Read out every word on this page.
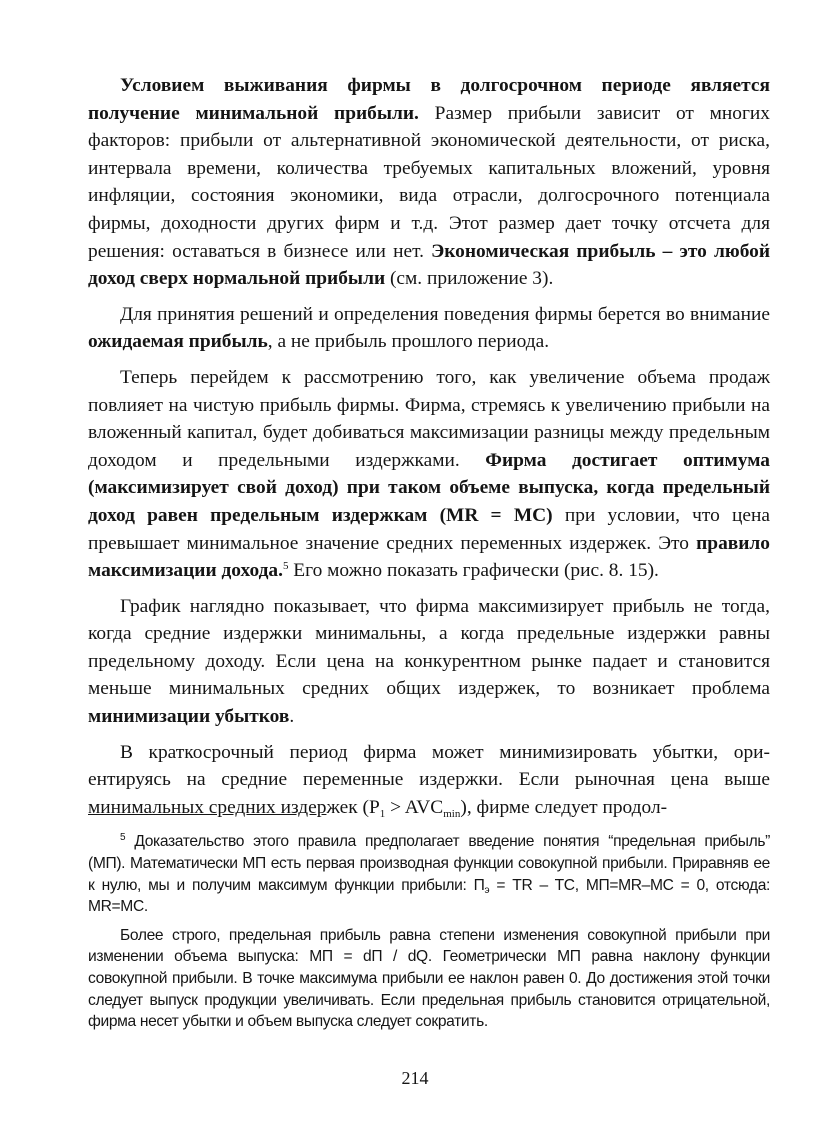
Условием выживания фирмы в долгосрочном периоде является получение минимальной прибыли. Размер прибыли зависит от многих факторов: прибыли от альтернативной экономической деятельности, от риска, интервала времени, количества требуемых капитальных вложений, уровня инфляции, состояния экономики, вида отрасли, долгосрочного потенциала фирмы, доходности других фирм и т.д. Этот размер дает точку отсчета для решения: оставаться в бизнесе или нет. Экономическая прибыль – это любой доход сверх нормальной прибыли (см. приложение 3).

Для принятия решений и определения поведения фирмы берется во внимание ожидаемая прибыль, а не прибыль прошлого периода.

Теперь перейдем к рассмотрению того, как увеличение объема продаж повлияет на чистую прибыль фирмы. Фирма, стремясь к увеличению прибыли на вложенный капитал, будет добиваться максимизации разницы между предельным доходом и предельными издержками. Фирма достигает оптимума (максимизирует свой доход) при таком объеме выпуска, когда предельный доход равен предельным издержкам (MR = MC) при условии, что цена превышает минимальное значение средних переменных издержек. Это правило максимизации дохода.$^5$ Его можно показать графически (рис. 8. 15).

График наглядно показывает, что фирма максимизирует прибыль не тогда, когда средние издержки минимальны, а когда предельные издержки равны предельному доходу. Если цена на конкурентном рынке падает и становится меньше минимальных средних общих издержек, то возникает проблема минимизации убытков.

В краткосрочный период фирма может минимизировать убытки, ориентируясь на средние переменные издержки. Если рыночная цена выше минимальных средних издержек $(P_1 > AVC_{min})$, фирме следует продол-

$^5$ Доказательство этого правила предполагает введение понятия “предельная прибыль” (МП). Математически МП есть первая производная функции совокупной прибыли. Приравняв ее к нулю, мы и получим максимум функции прибыли: $П_э$ = TR – TC, МП=MR–MC = 0, отсюда: MR=MC.

Более строго, предельная прибыль равна степени изменения совокупной прибыли при изменении объема выпуска: МП = dП / dQ. Геометрически МП равна наклону функции совокупной прибыли. В точке максимума прибыли ее наклон равен 0. До достижения этой точки следует выпуск продукции увеличивать. Если предельная прибыль становится отрицательной, фирма несет убытки и объем выпуска следует сократить.

214
